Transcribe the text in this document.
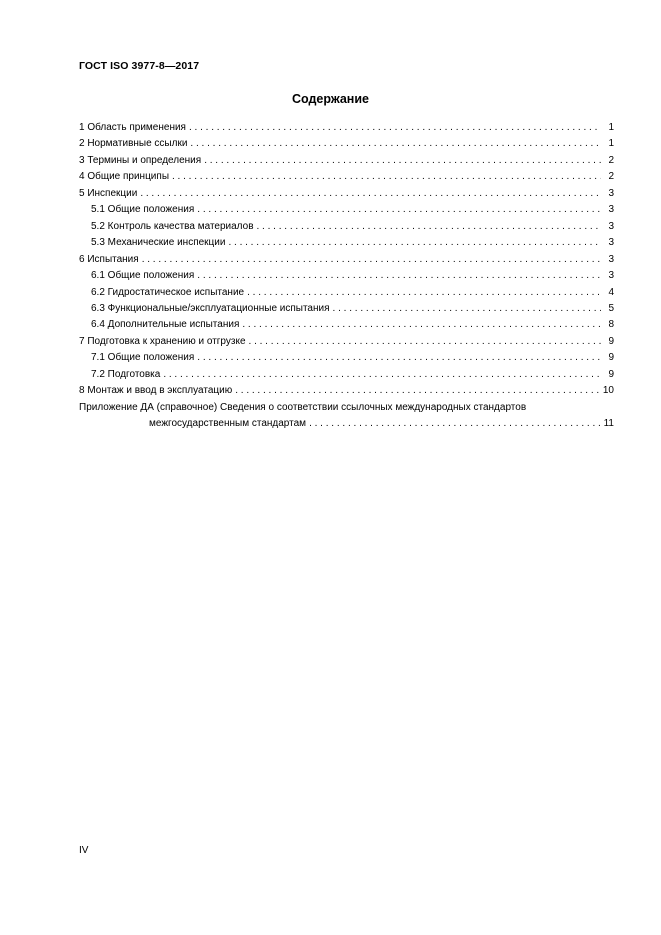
ГОСТ ISO 3977-8—2017
Содержание
1 Область применения . . .	1
2 Нормативные ссылки . . .	1
3 Термины и определения . . .	2
4 Общие принципы . . .	2
5 Инспекции . . .	3
5.1 Общие положения . . .	3
5.2 Контроль качества материалов . . .	3
5.3 Механические инспекции . . .	3
6 Испытания . . .	3
6.1 Общие положения . . .	3
6.2 Гидростатическое испытание . . .	4
6.3 Функциональные/эксплуатационные испытания . . .	5
6.4 Дополнительные испытания . . .	8
7 Подготовка к хранению и отгрузке . . .	9
7.1 Общие положения . . .	9
7.2 Подготовка . . .	9
8 Монтаж и ввод в эксплуатацию . . .	10
Приложение ДА (справочное) Сведения о соответствии ссылочных международных стандартов
межгосударственным стандартам . . .	11
IV
